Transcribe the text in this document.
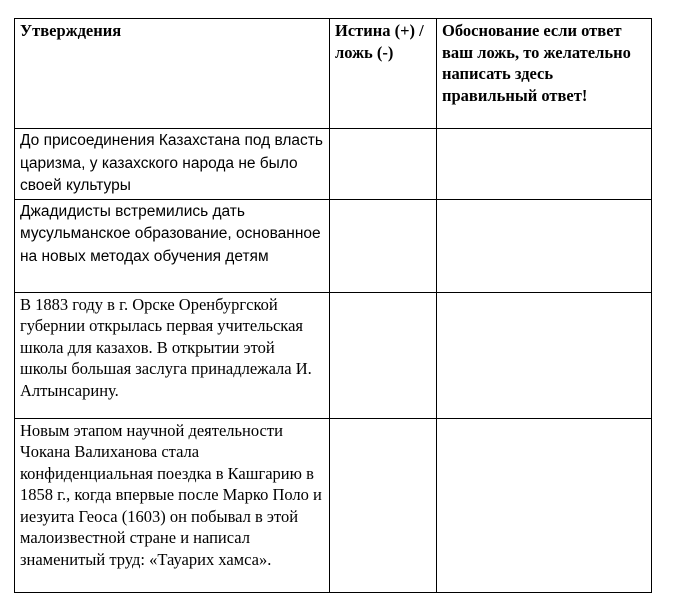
Утверждения	Истина (+) / ложь (-)	Обоснование если ответ ваш ложь, то желательно написать здесь правильный ответ!
До присоединения Казахстана под власть царизма, у казахского народа не было своей культуры		
Джадидисты встремились дать мусульманское образование, основанное на новых методах обучения детям		
В 1883 году в г. Орске Оренбургской губернии открылась первая учительская школа для казахов. В открытии этой школы большая заслуга принадлежала И. Алтынсарину.		
Новым этапом научной деятельности Чокана Валиханова стала конфиденциальная поездка в Кашгарию в 1858 г., когда впервые после Марко Поло и иезуита Геоса (1603) он побывал в этой малоизвестной стране и написал знаменитый труд: «Тауарих хамса».		
